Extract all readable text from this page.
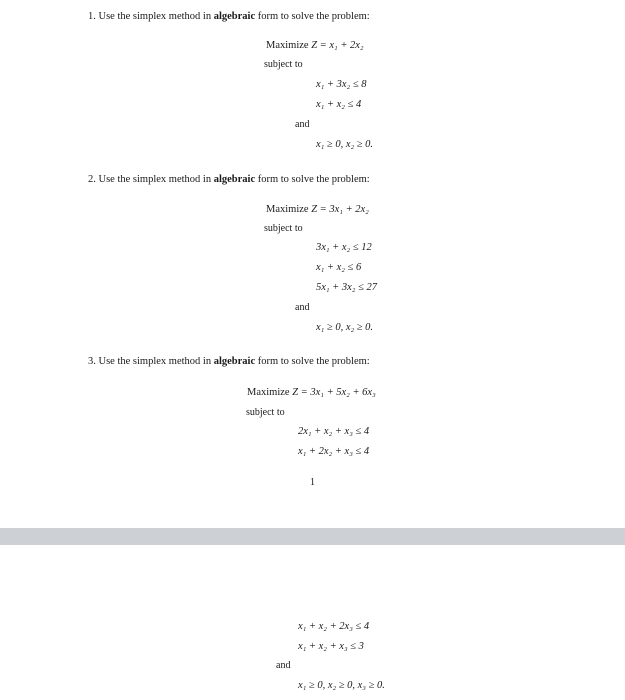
1. Use the simplex method in algebraic form to solve the problem:
Maximize Z = x₁ + 2x₂
subject to
x₁ + 3x₂ ≤ 8
x₁ + x₂ ≤ 4
and
x₁ ≥ 0, x₂ ≥ 0.
2. Use the simplex method in algebraic form to solve the problem:
Maximize Z = 3x₁ + 2x₂
subject to
3x₁ + x₂ ≤ 12
x₁ + x₂ ≤ 6
5x₁ + 3x₂ ≤ 27
and
x₁ ≥ 0, x₂ ≥ 0.
3. Use the simplex method in algebraic form to solve the problem:
Maximize Z = 3x₁ + 5x₂ + 6x₃
subject to
2x₁ + x₂ + x₃ ≤ 4
x₁ + 2x₂ + x₃ ≤ 4
1
x₁ + x₂ + 2x₃ ≤ 4
x₁ + x₂ + x₃ ≤ 3
and
x₁ ≥ 0, x₂ ≥ 0, x₃ ≥ 0.
